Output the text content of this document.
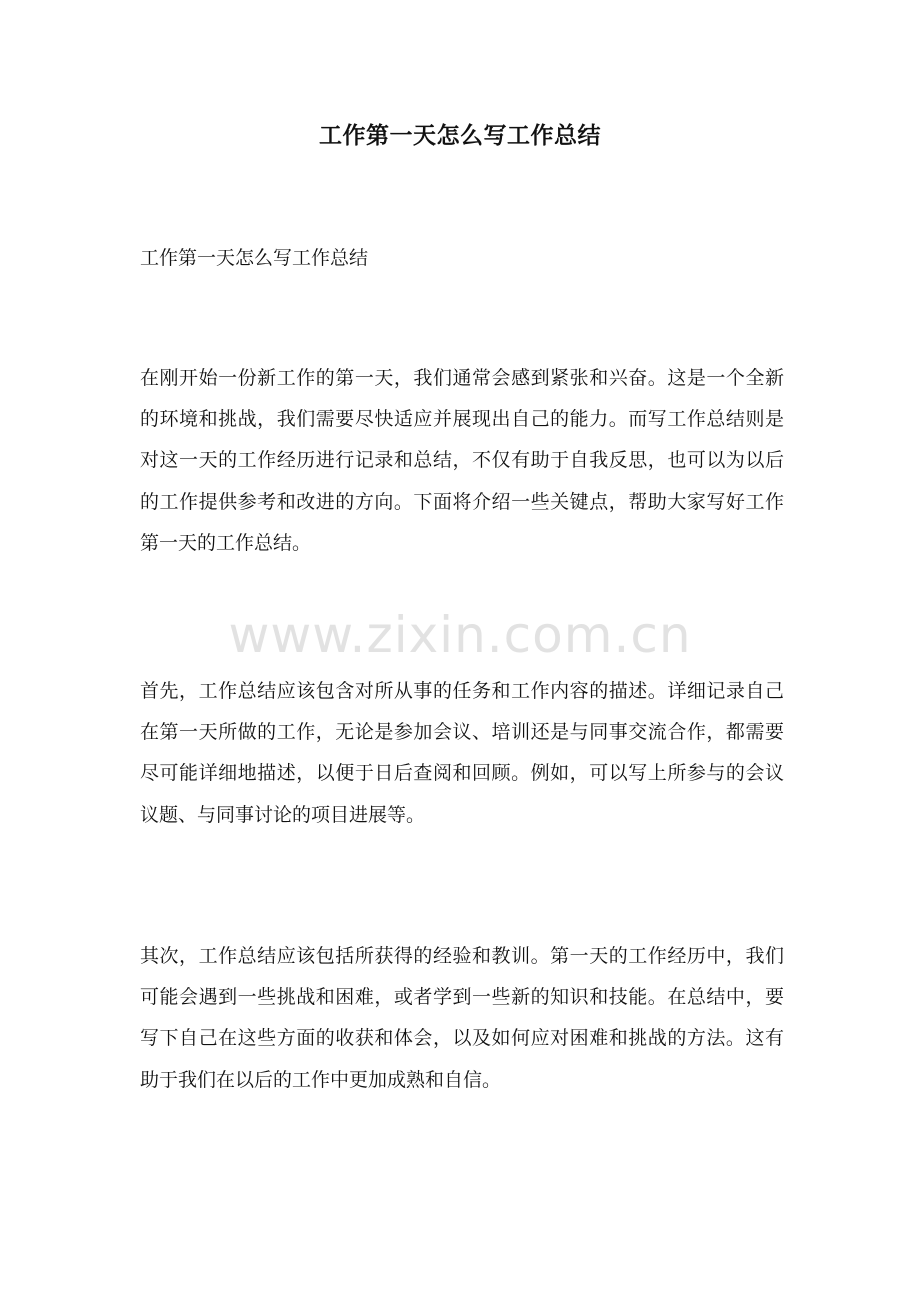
工作第一天怎么写工作总结
工作第一天怎么写工作总结

在刚开始一份新工作的第一天，我们通常会感到紧张和兴奋。这是一个全新的环境和挑战，我们需要尽快适应并展现出自己的能力。而写工作总结则是对这一天的工作经历进行记录和总结，不仅有助于自我反思，也可以为以后的工作提供参考和改进的方向。下面将介绍一些关键点，帮助大家写好工作第一天的工作总结。

www.zixin.com.cn

首先，工作总结应该包含对所从事的任务和工作内容的描述。详细记录自己在第一天所做的工作，无论是参加会议、培训还是与同事交流合作，都需要尽可能详细地描述，以便于日后查阅和回顾。例如，可以写上所参与的会议议题、与同事讨论的项目进展等。

其次，工作总结应该包括所获得的经验和教训。第一天的工作经历中，我们可能会遇到一些挑战和困难，或者学到一些新的知识和技能。在总结中，要写下自己在这些方面的收获和体会，以及如何应对困难和挑战的方法。这有助于我们在以后的工作中更加成熟和自信。
